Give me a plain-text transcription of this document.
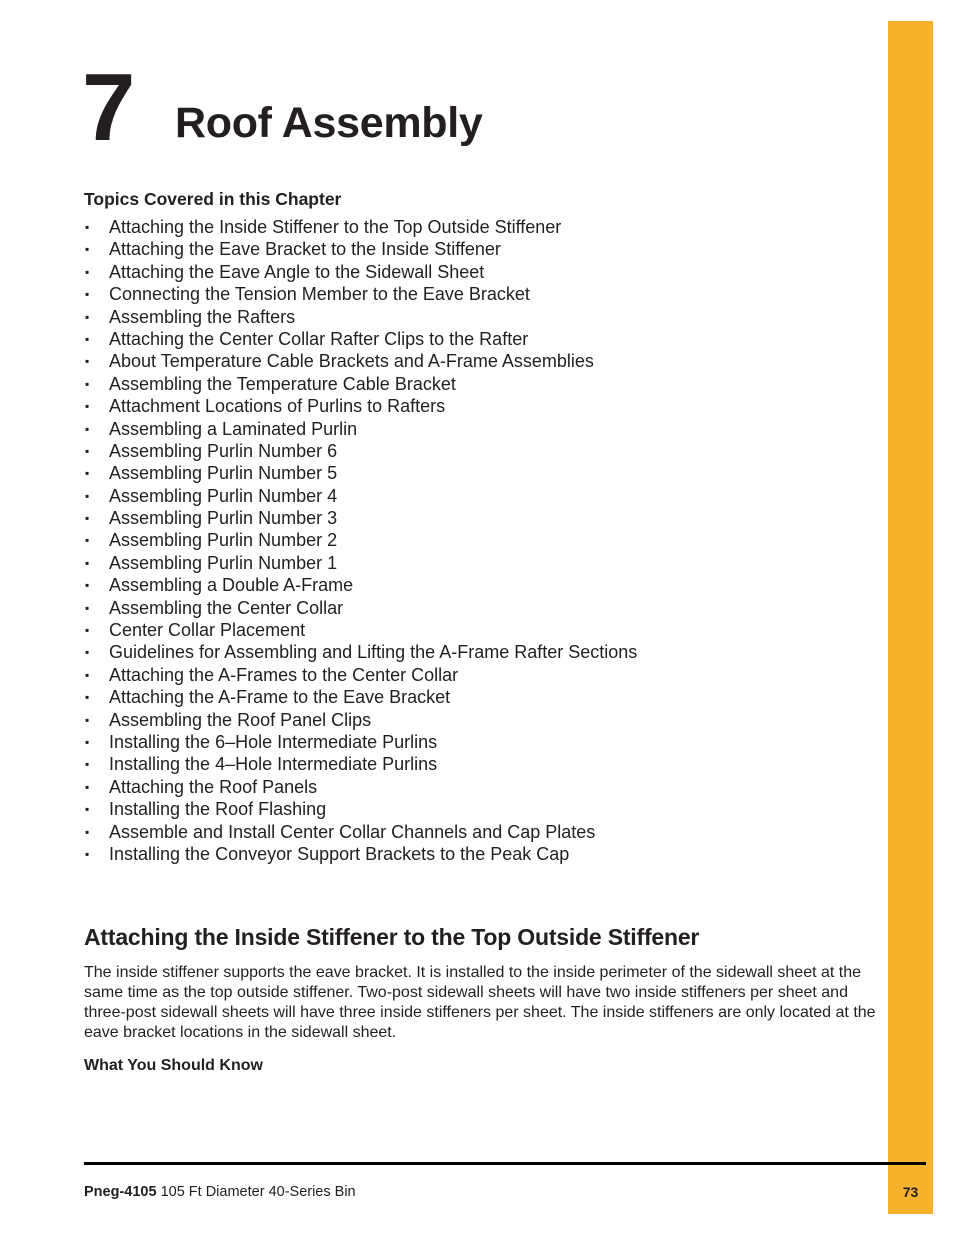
7 Roof Assembly
Topics Covered in this Chapter
▪ Attaching the Inside Stiffener to the Top Outside Stiffener
▪ Attaching the Eave Bracket to the Inside Stiffener
▪ Attaching the Eave Angle to the Sidewall Sheet
▪ Connecting the Tension Member to the Eave Bracket
▪ Assembling the Rafters
▪ Attaching the Center Collar Rafter Clips to the Rafter
▪ About Temperature Cable Brackets and A-Frame Assemblies
▪ Assembling the Temperature Cable Bracket
▪ Attachment Locations of Purlins to Rafters
▪ Assembling a Laminated Purlin
▪ Assembling Purlin Number 6
▪ Assembling Purlin Number 5
▪ Assembling Purlin Number 4
▪ Assembling Purlin Number 3
▪ Assembling Purlin Number 2
▪ Assembling Purlin Number 1
▪ Assembling a Double A-Frame
▪ Assembling the Center Collar
▪ Center Collar Placement
▪ Guidelines for Assembling and Lifting the A-Frame Rafter Sections
▪ Attaching the A-Frames to the Center Collar
▪ Attaching the A-Frame to the Eave Bracket
▪ Assembling the Roof Panel Clips
▪ Installing the 6–Hole Intermediate Purlins
▪ Installing the 4–Hole Intermediate Purlins
▪ Attaching the Roof Panels
▪ Installing the Roof Flashing
▪ Assemble and Install Center Collar Channels and Cap Plates
▪ Installing the Conveyor Support Brackets to the Peak Cap
Attaching the Inside Stiffener to the Top Outside Stiffener

The inside stiffener supports the eave bracket. It is installed to the inside perimeter of the sidewall sheet at the same time as the top outside stiffener. Two-post sidewall sheets will have two inside stiffeners per sheet and three-post sidewall sheets will have three inside stiffeners per sheet. The inside stiffeners are only located at the eave bracket locations in the sidewall sheet.

What You Should Know
Pneg-4105 105 Ft Diameter 40-Series Bin	73
